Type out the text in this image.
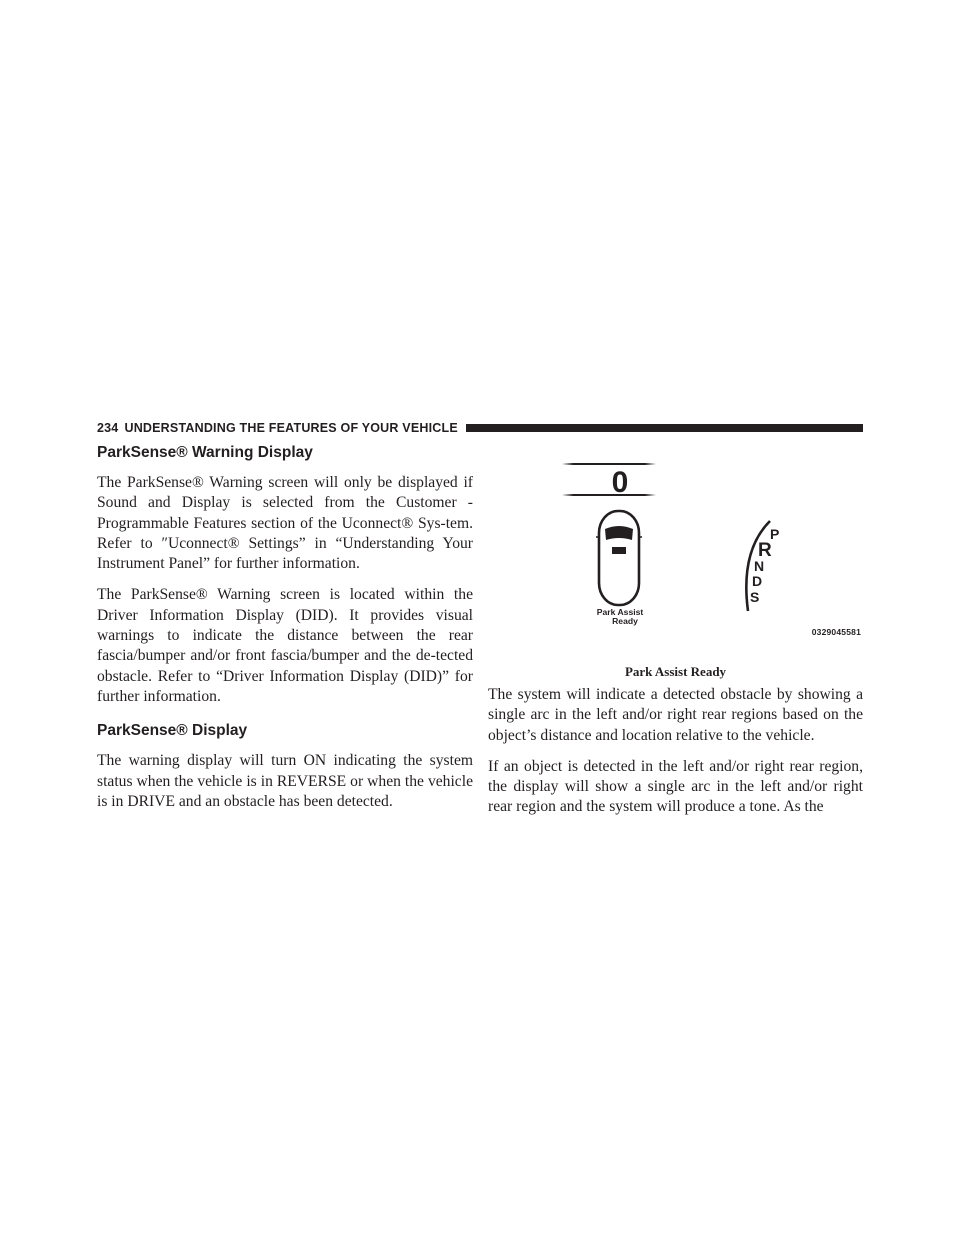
234 UNDERSTANDING THE FEATURES OF YOUR VEHICLE
ParkSense® Warning Display

The ParkSense® Warning screen will only be displayed if Sound and Display is selected from the Customer - Programmable Features section of the Uconnect® Sys-tem. Refer to ″Uconnect® Settings” in “Understanding Your Instrument Panel” for further information.

The ParkSense® Warning screen is located within the Driver Information Display (DID). It provides visual warnings to indicate the distance between the rear fascia/bumper and/or front fascia/bumper and the de-tected obstacle. Refer to “Driver Information Display (DID)” for further information.

ParkSense® Display

The warning display will turn ON indicating the system status when the vehicle is in REVERSE or when the vehicle is in DRIVE and an obstacle has been detected.

0
Park Assist
Ready
P
R
N
D
S
0329045581
Park Assist Ready

The system will indicate a detected obstacle by showing a single arc in the left and/or right rear regions based on the object’s distance and location relative to the vehicle.

If an object is detected in the left and/or right rear region, the display will show a single arc in the left and/or right rear region and the system will produce a tone. As the
